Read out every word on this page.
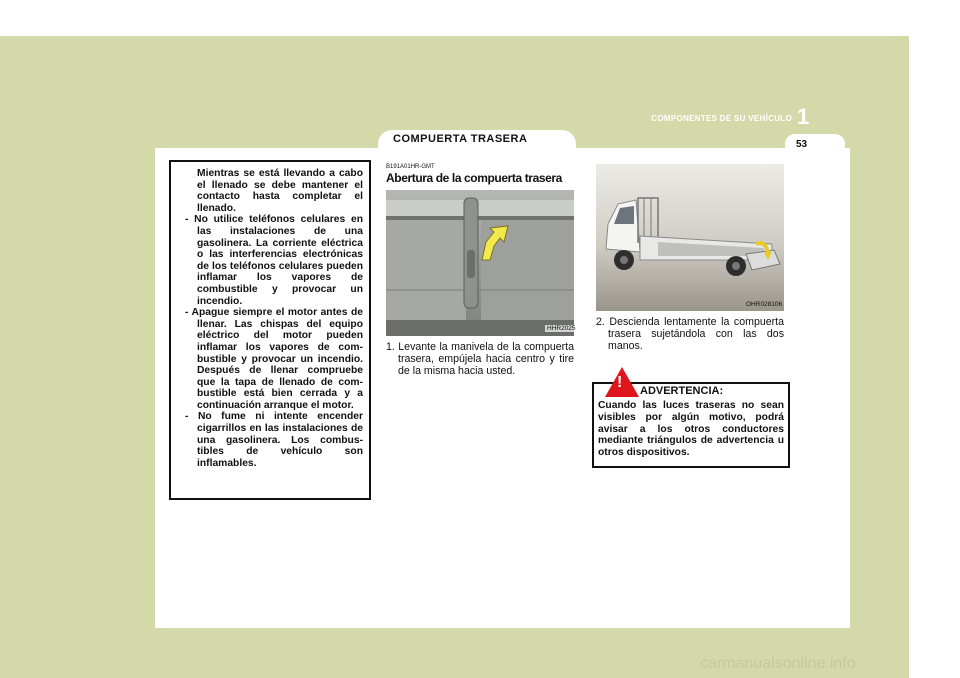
COMPONENTES DE SU VEHÍCULO 1
53
COMPUERTA TRASERA

Mientras se está llevando a cabo el llenado se debe mantener el contacto hasta completar el llenado.

- No utilice teléfonos celulares en las instalaciones de una gasolinera. La corriente eléctrica o las interferencias electrónicas de los teléfonos celulares pueden inflamar los vapores de combustible y provocar un incendio.

- Apague siempre el motor antes de llenar. Las chispas del equipo eléctrico del motor pueden inflamar los vapores de com-bustible y provocar un incendio. Después de llenar compruebe que la tapa de llenado de com-bustible está bien cerrada y a continuación arranque el motor.

- No fume ni intente encender cigarrillos en las instalaciones de una gasolinera. Los combus-tibles de vehículo son inflamables.

B191A01HR-GMT
Abertura de la compuerta trasera
HHR2025

1. Levante la manivela de la compuerta trasera, empújela hacia centro y tire de la misma hacia usted.

OHR028106

2. Descienda lentamente la compuerta trasera sujetándola con las dos manos.

Cuando las luces traseras no sean visibles por algún motivo, podrá avisar a los otros conductores mediante triángulos de advertencia u otros dispositivos.

! ADVERTENCIA:
carmanualsonline.info
